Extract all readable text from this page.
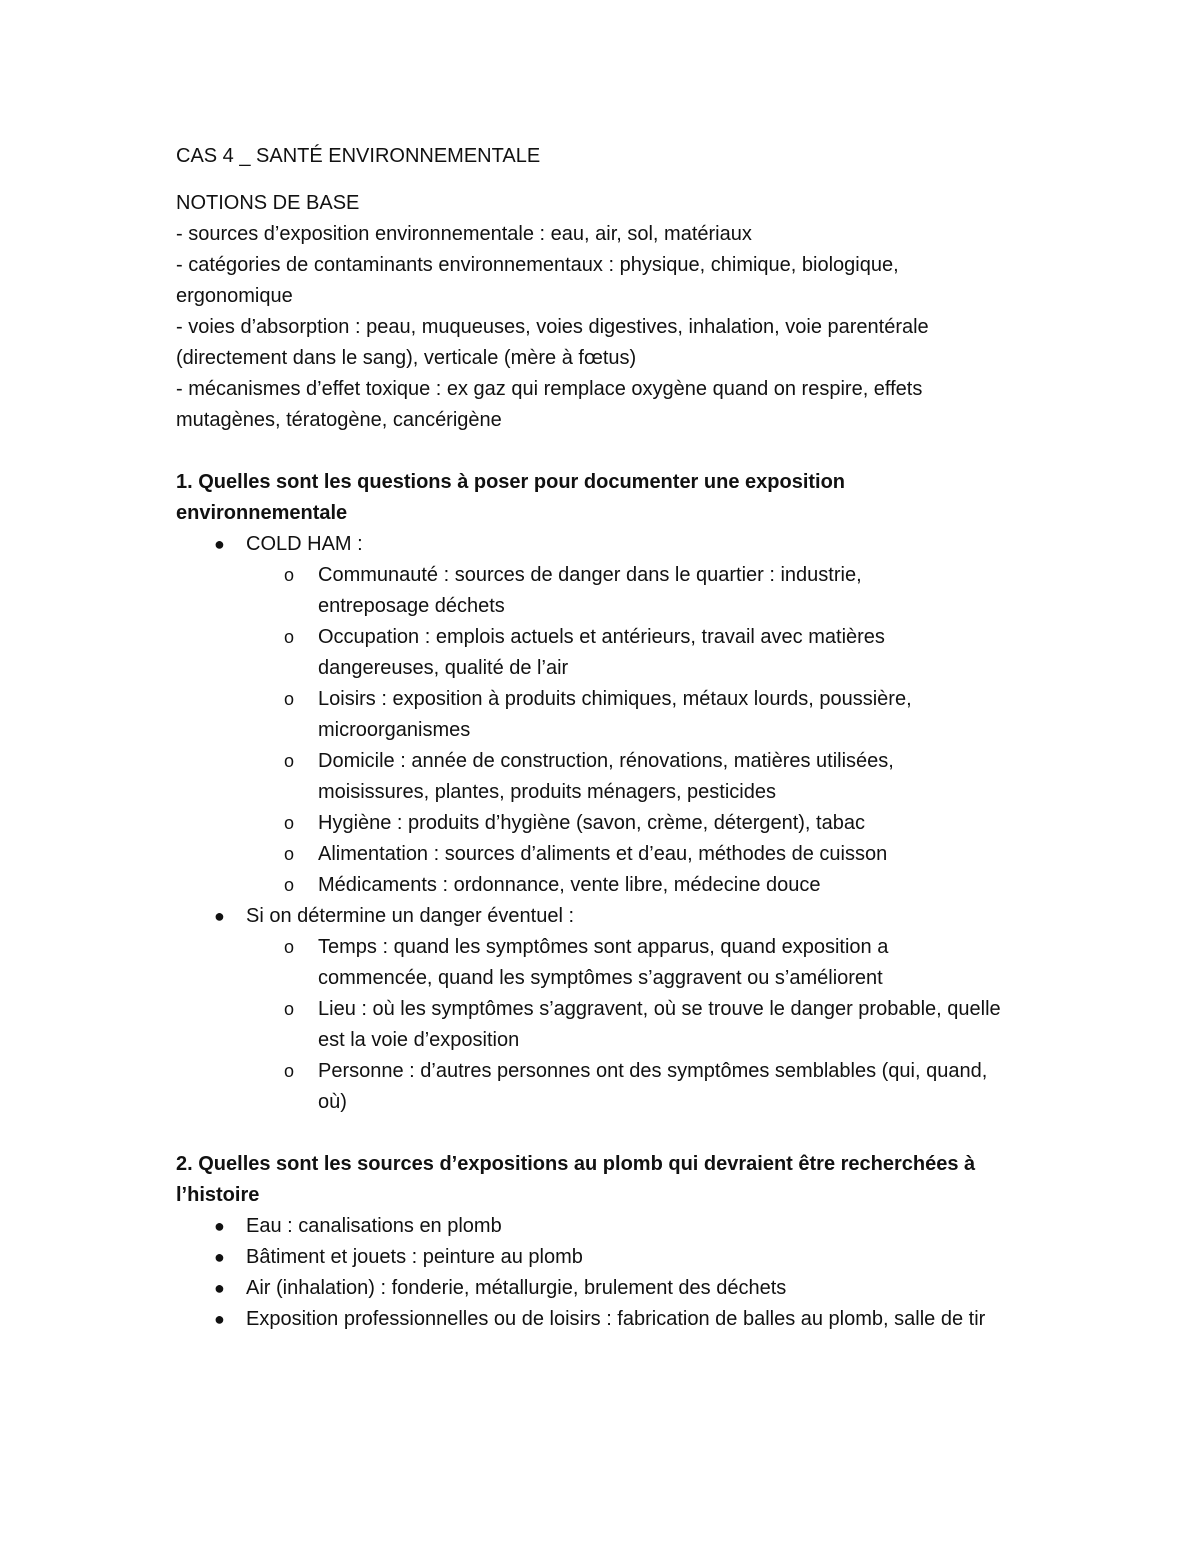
CAS 4 _ SANTÉ ENVIRONNEMENTALE

NOTIONS DE BASE

- sources d’exposition environnementale : eau, air, sol, matériaux

- catégories de contaminants environnementaux : physique, chimique, biologique, ergonomique

- voies d’absorption : peau, muqueuses, voies digestives, inhalation, voie parentérale (directement dans le sang), verticale (mère à fœtus)

- mécanismes d’effet toxique : ex gaz qui remplace oxygène quand on respire, effets mutagènes, tératogène, cancérigène

1. Quelles sont les questions à poser pour documenter une exposition environnementale

● COLD HAM :
o Communauté : sources de danger dans le quartier : industrie, entreposage déchets
o Occupation : emplois actuels et antérieurs, travail avec matières dangereuses, qualité de l’air
o Loisirs : exposition à produits chimiques, métaux lourds, poussière, microorganismes
o Domicile : année de construction, rénovations, matières utilisées, moisissures, plantes, produits ménagers, pesticides
o Hygiène : produits d’hygiène (savon, crème, détergent), tabac
o Alimentation : sources d’aliments et d’eau, méthodes de cuisson
o Médicaments : ordonnance, vente libre, médecine douce
● Si on détermine un danger éventuel :
o Temps : quand les symptômes sont apparus, quand exposition a commencée, quand les symptômes s’aggravent ou s’améliorent
o Lieu : où les symptômes s’aggravent, où se trouve le danger probable, quelle est la voie d’exposition
o Personne : d’autres personnes ont des symptômes semblables (qui, quand, où)

2. Quelles sont les sources d’expositions au plomb qui devraient être recherchées à l’histoire

● Eau : canalisations en plomb
● Bâtiment et jouets : peinture au plomb
● Air (inhalation) : fonderie, métallurgie, brulement des déchets
● Exposition professionnelles ou de loisirs : fabrication de balles au plomb, salle de tir
